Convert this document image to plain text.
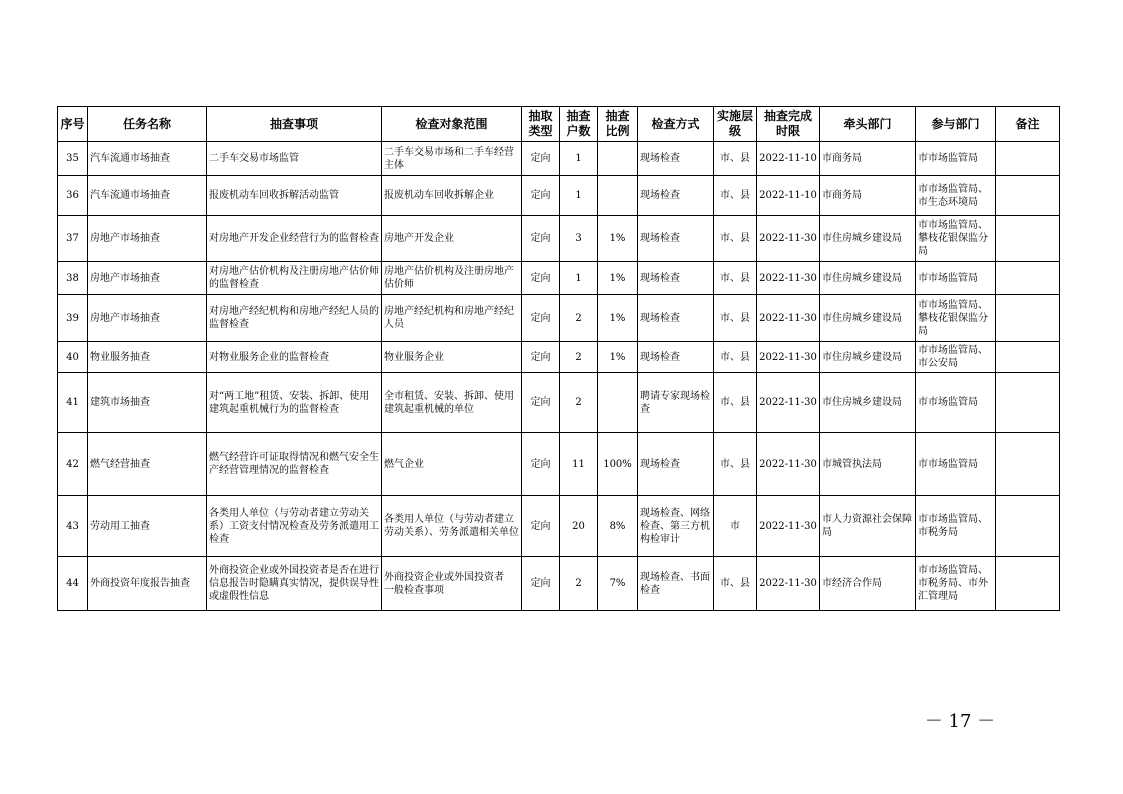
序号	任务名称	抽查事项	检查对象范围	抽取类型	抽查户数	抽查比例	检查方式	实施层级	抽查完成时限	牵头部门	参与部门	备注
35	汽车流通市场抽查	二手车交易市场监管	二手车交易市场和二手车经营主体	定向	1		现场检查	市、县	2022-11-10	市商务局	市市场监管局	
36	汽车流通市场抽查	报废机动车回收拆解活动监管	报废机动车回收拆解企业	定向	1		现场检查	市、县	2022-11-10	市商务局	市市场监管局、市生态环境局	
37	房地产市场抽查	对房地产开发企业经营行为的监督检查	房地产开发企业	定向	3	1%	现场检查	市、县	2022-11-30	市住房城乡建设局	市市场监管局、攀枝花银保监分局	
38	房地产市场抽查	对房地产估价机构及注册房地产估价师的监督检查	房地产估价机构及注册房地产估价师	定向	1	1%	现场检查	市、县	2022-11-30	市住房城乡建设局	市市场监管局	
39	房地产市场抽查	对房地产经纪机构和房地产经纪人员的监督检查	房地产经纪机构和房地产经纪人员	定向	2	1%	现场检查	市、县	2022-11-30	市住房城乡建设局	市市场监管局、攀枝花银保监分局	
40	物业服务抽查	对物业服务企业的监督检查	物业服务企业	定向	2	1%	现场检查	市、县	2022-11-30	市住房城乡建设局	市市场监管局、市公安局	
41	建筑市场抽查	对“两工地”租赁、安装、拆卸、使用建筑起重机械行为的监督检查	全市租赁、安装、拆卸、使用建筑起重机械的单位	定向	2		聘请专家现场检查	市、县	2022-11-30	市住房城乡建设局	市市场监管局	
42	燃气经营抽查	燃气经营许可证取得情况和燃气安全生产经营管理情况的监督检查	燃气企业	定向	11	100%	现场检查	市、县	2022-11-30	市城管执法局	市市场监管局	
43	劳动用工抽查	各类用人单位（与劳动者建立劳动关系）工资支付情况检查及劳务派遣用工检查	各类用人单位（与劳动者建立劳动关系）、劳务派遣相关单位	定向	20	8%	现场检查、网络检查、第三方机构检审计	市	2022-11-30	市人力资源社会保障局	市市场监管局、市税务局	
44	外商投资年度报告抽查	外商投资企业或外国投资者是否在进行信息报告时隐瞒真实情况，提供误导性或虚假性信息	外商投资企业或外国投资者　　一般检查事项	定向	2	7%	现场检查、书面检查	市、县	2022-11-30	市经济合作局	市市场监管局、市税务局、市外汇管理局	
－ 17 －
